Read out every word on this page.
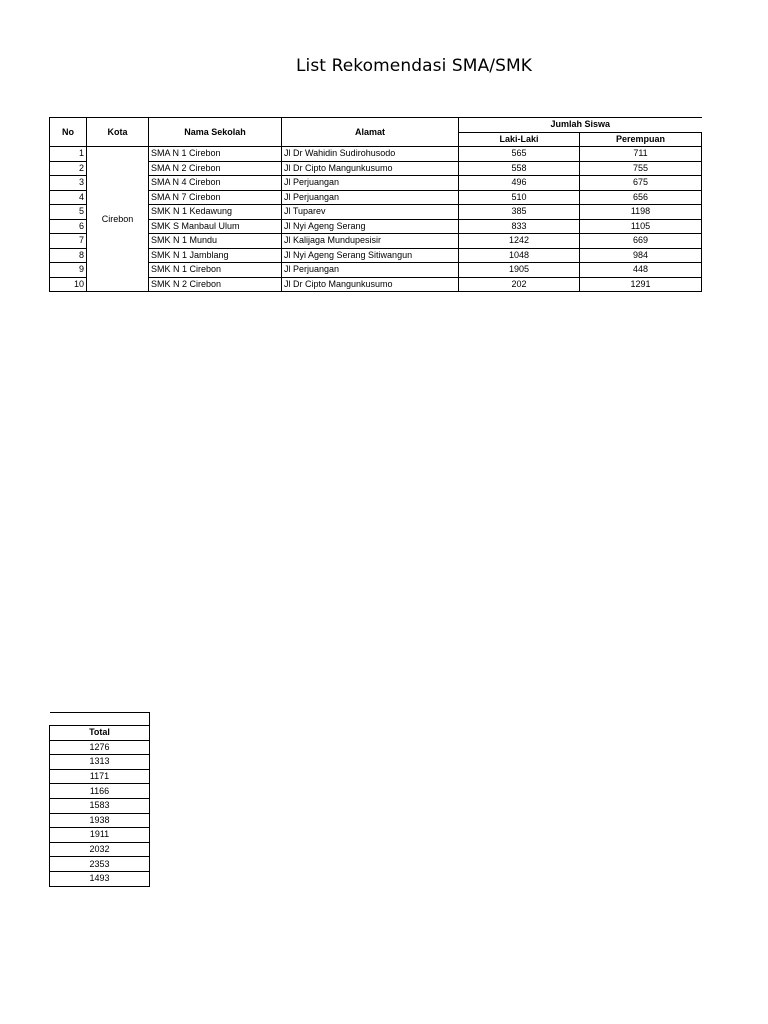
List Rekomendasi SMA/SMK
No	Kota	Nama Sekolah	Alamat	Jumlah Siswa	
				Laki-Laki	Perempuan
1	Cirebon	SMA N 1 Cirebon	Jl Dr Wahidin Sudirohusodo	565	711
2		SMA N 2 Cirebon	Jl Dr Cipto Mangunkusumo	558	755
3		SMA N 4 Cirebon	Jl Perjuangan	496	675
4		SMA N 7 Cirebon	Jl Perjuangan	510	656
5		SMK N 1 Kedawung	Jl Tuparev	385	1198
6		SMK S Manbaul Ulum	Jl Nyi Ageng Serang	833	1105
7		SMK N 1 Mundu	Jl Kalijaga Mundupesisir	1242	669
8		SMK N 1 Jamblang	Jl Nyi Ageng Serang Sitiwangun	1048	984
9		SMK N 1 Cirebon	Jl Perjuangan	1905	448
10		SMK N 2 Cirebon	Jl Dr Cipto Mangunkusumo	202	1291

Total
1276
1313
1171
1166
1583
1938
1911
2032
2353
1493
